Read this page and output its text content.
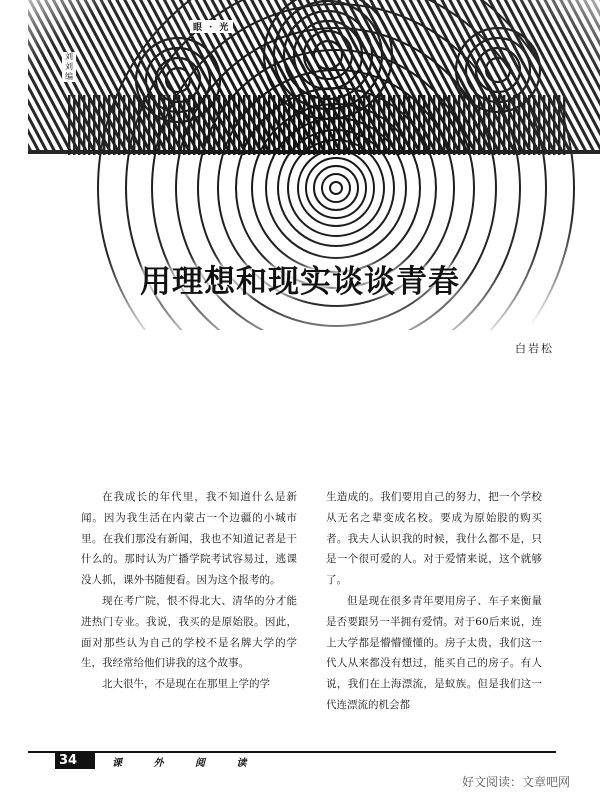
眼 · 光
刘刘编
用理想和现实谈谈青春
白岩松

在我成长的年代里，我不知道什么是新闻。因为我生活在内蒙古一个边疆的小城市里。在我们那没有新闻，我也不知道记者是干什么的。那时认为广播学院考试容易过，逃课没人抓，课外书随便看。因为这个报考的。

现在考广院，恨不得北大、清华的分才能进热门专业。我说，我买的是原始股。因此，面对那些认为自己的学校不是名牌大学的学生，我经常给他们讲我的这个故事。

北大很牛，不是现在在那里上学的学

生造成的。我们要用自己的努力，把一个学校从无名之辈变成名校。要成为原始股的购买者。我夫人认识我的时候，我什么都不是，只是一个很可爱的人。对于爱情来说，这个就够了。

但是现在很多青年要用房子、车子来衡量是否要跟另一半拥有爱情。对于60后来说，连上大学都是懵懵懂懂的。房子太贵，我们这一代人从来都没有想过，能买自己的房子。有人说，我们在上海漂流，是蚁族。但是我们这一代连漂流的机会都

34	课 外 阅 读
好文阅读：文章吧网
